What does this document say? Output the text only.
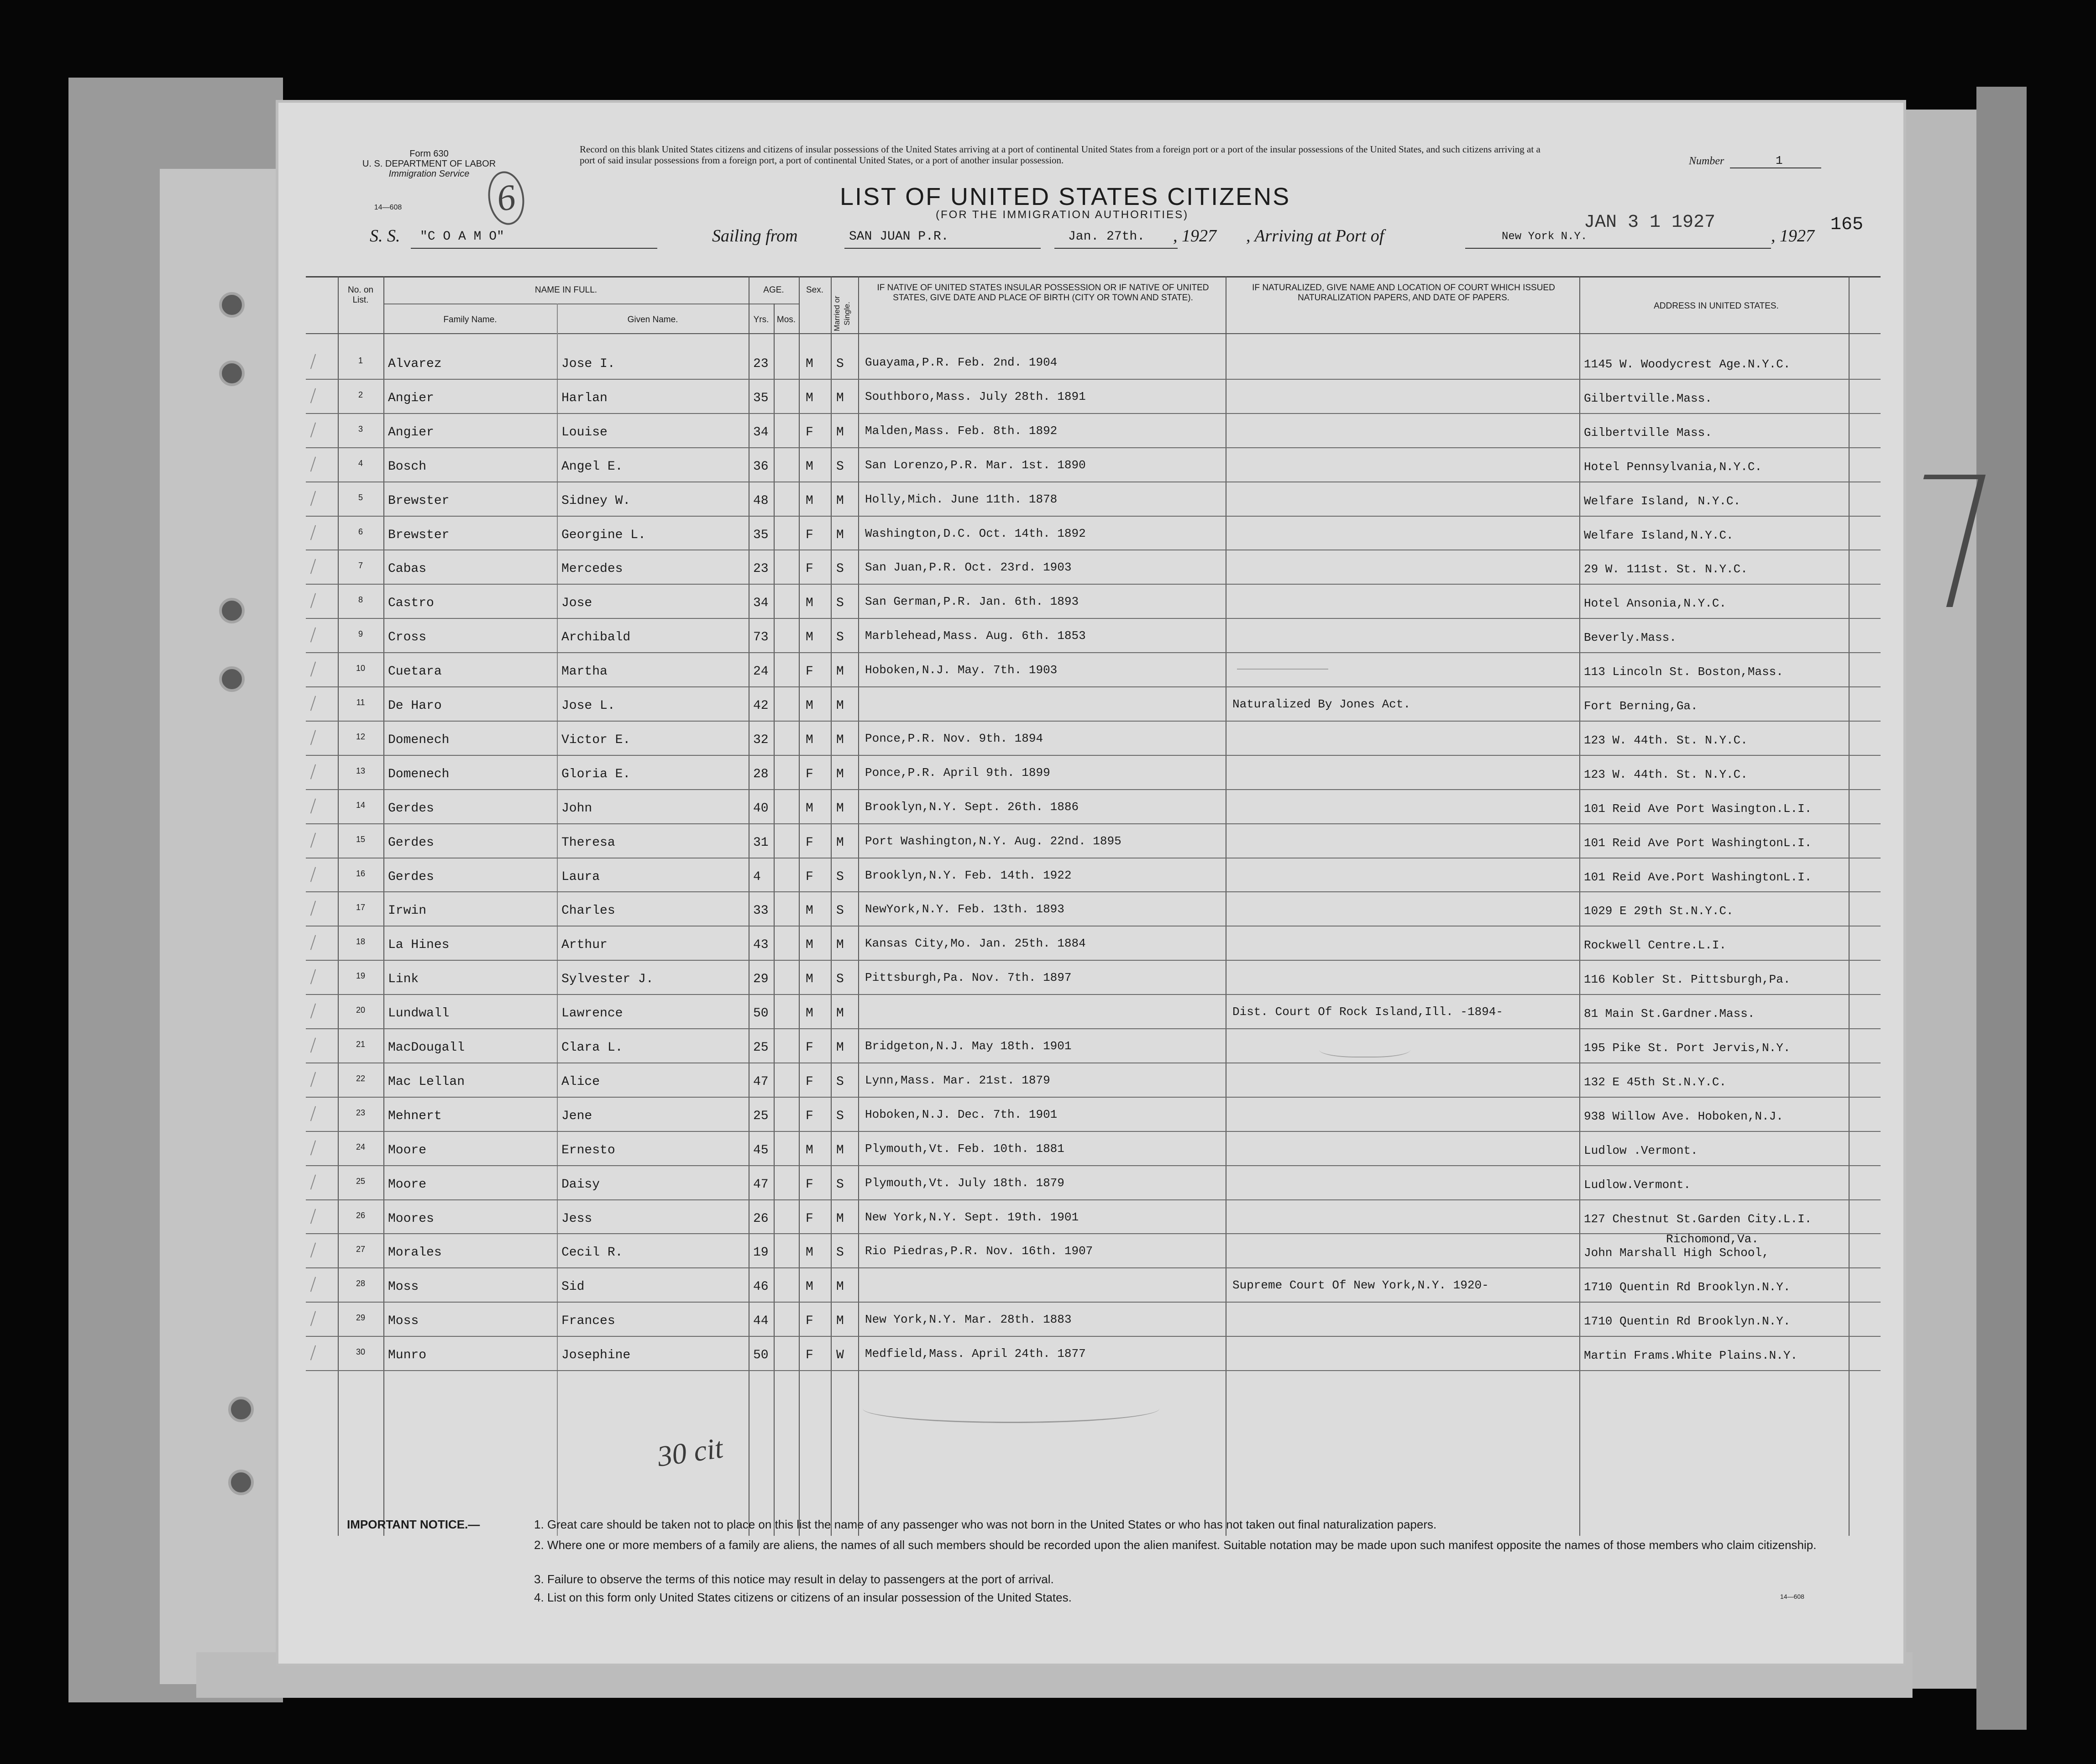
Form 630
U. S. DEPARTMENT OF LABOR
Immigration Service
14—608	6
Record on this blank United States citizens and citizens of insular possessions of the United States arriving at a port of continental United States from a foreign port or a port of the insular possessions of the United States, and such citizens arriving at a port of said insular possessions from a foreign port, a port of continental United States, or a port of another insular possession.	Number	1
LIST OF UNITED STATES CITIZENS
(FOR THE IMMIGRATION AUTHORITIES)	JAN 3 1 1927	165
S. S. "C O A M O"	Sailing from	SAN JUAN P.R.	Jan. 27th. , 1927 , Arriving at Port of	New York N.Y.	, 1927
No. on List.
NAME IN FULL.
Family Name.	Given Name.
AGE.
Yrs. Mos.
Sex.
Married or Single.
IF NATIVE OF UNITED STATES INSULAR POSSESSION OR IF NATIVE OF UNITED STATES, GIVE DATE AND PLACE OF BIRTH (CITY OR TOWN AND STATE).
IF NATURALIZED, GIVE NAME AND LOCATION OF COURT WHICH ISSUED NATURALIZATION PAPERS, AND DATE OF PAPERS.
ADDRESS IN UNITED STATES.
1	Alvarez	Jose I.	23	M S Guayama,P.R. Feb. 2nd. 1904	1145 W. Woodycrest Age.N.Y.C.
2	Angier	Harlan	35	M M Southboro,Mass. July 28th. 1891	Gilbertville.Mass.
3	Angier	Louise	34	F M Malden,Mass. Feb. 8th. 1892	Gilbertville Mass.
4	Bosch	Angel E.	36	M S San Lorenzo,P.R. Mar. 1st. 1890	Hotel Pennsylvania,N.Y.C.
5	Brewster	Sidney W.	48	M M Holly,Mich. June 11th. 1878	Welfare Island, N.Y.C.
6	Brewster	Georgine L.	35	F M Washington,D.C. Oct. 14th. 1892	Welfare Island,N.Y.C.
7	Cabas	Mercedes	23	F S San Juan,P.R. Oct. 23rd. 1903	29 W. 111st. St. N.Y.C.
8	Castro	Jose	34	M S San German,P.R. Jan. 6th. 1893	Hotel Ansonia,N.Y.C.
9	Cross	Archibald	73	M S Marblehead,Mass. Aug. 6th. 1853	Beverly.Mass.
10	Cuetara	Martha	24	F M Hoboken,N.J. May. 7th. 1903	113 Lincoln St. Boston,Mass.
11	De Haro	Jose L.	42	M M	Naturalized By Jones Act.	Fort Berning,Ga.
12	Domenech	Victor E.	32	M M Ponce,P.R. Nov. 9th. 1894	123 W. 44th. St. N.Y.C.
13	Domenech	Gloria E.	28	F M Ponce,P.R. April 9th. 1899	123 W. 44th. St. N.Y.C.
14	Gerdes	John	40	M M Brooklyn,N.Y. Sept. 26th. 1886	101 Reid Ave Port Wasington.L.I.
15	Gerdes	Theresa	31	F M Port Washington,N.Y. Aug. 22nd. 1895	101 Reid Ave Port WashingtonL.I.
16	Gerdes	Laura	4	F S Brooklyn,N.Y. Feb. 14th. 1922	101 Reid Ave.Port WashingtonL.I.
17	Irwin	Charles	33	M S NewYork,N.Y. Feb. 13th. 1893	1029 E 29th St.N.Y.C.
18	La Hines	Arthur	43	M M Kansas City,Mo. Jan. 25th. 1884	Rockwell Centre.L.I.
19	Link	Sylvester J.	29	M S Pittsburgh,Pa. Nov. 7th. 1897	116 Kobler St. Pittsburgh,Pa.
20	Lundwall	Lawrence	50	M M	Dist. Court Of Rock Island,Ill. -1894-	81 Main St.Gardner.Mass.
21	MacDougall	Clara L.	25	F M Bridgeton,N.J. May 18th. 1901	195 Pike St. Port Jervis,N.Y.
22	Mac Lellan	Alice	47	F S Lynn,Mass. Mar. 21st. 1879	132 E 45th St.N.Y.C.
23	Mehnert	Jene	25	F S Hoboken,N.J. Dec. 7th. 1901	938 Willow Ave. Hoboken,N.J.
24	Moore	Ernesto	45	M M Plymouth,Vt. Feb. 10th. 1881	Ludlow .Vermont.
25	Moore	Daisy	47	F S Plymouth,Vt. July 18th. 1879	Ludlow.Vermont.
26	Moores	Jess	26	F M New York,N.Y. Sept. 19th. 1901	127 Chestnut St.Garden City.L.I.
27	Morales	Cecil R.	19	M S Rio Piedras,P.R. Nov. 16th. 1907	John Marshall High School,
Richomond,Va.
28	Moss	Sid	46	M M	Supreme Court Of New York,N.Y. 1920-	1710 Quentin Rd Brooklyn.N.Y.
29	Moss	Frances	44	F M New York,N.Y. Mar. 28th. 1883	1710 Quentin Rd Brooklyn.N.Y.
30	Munro	Josephine	50	F W Medfield,Mass. April 24th. 1877	Martin Frams.White Plains.N.Y.
30 cit
IMPORTANT NOTICE.—	1. Great care should be taken not to place on this list the name of any passenger who was not born in the United States or who has not taken out final naturalization papers.
2. Where one or more members of a family are aliens, the names of all such members should be recorded upon the alien manifest. Suitable notation may be made upon such manifest opposite the names of those members who claim citizenship.
3. Failure to observe the terms of this notice may result in delay to passengers at the port of arrival.
4. List on this form only United States citizens or citizens of an insular possession of the United States.	14—608
